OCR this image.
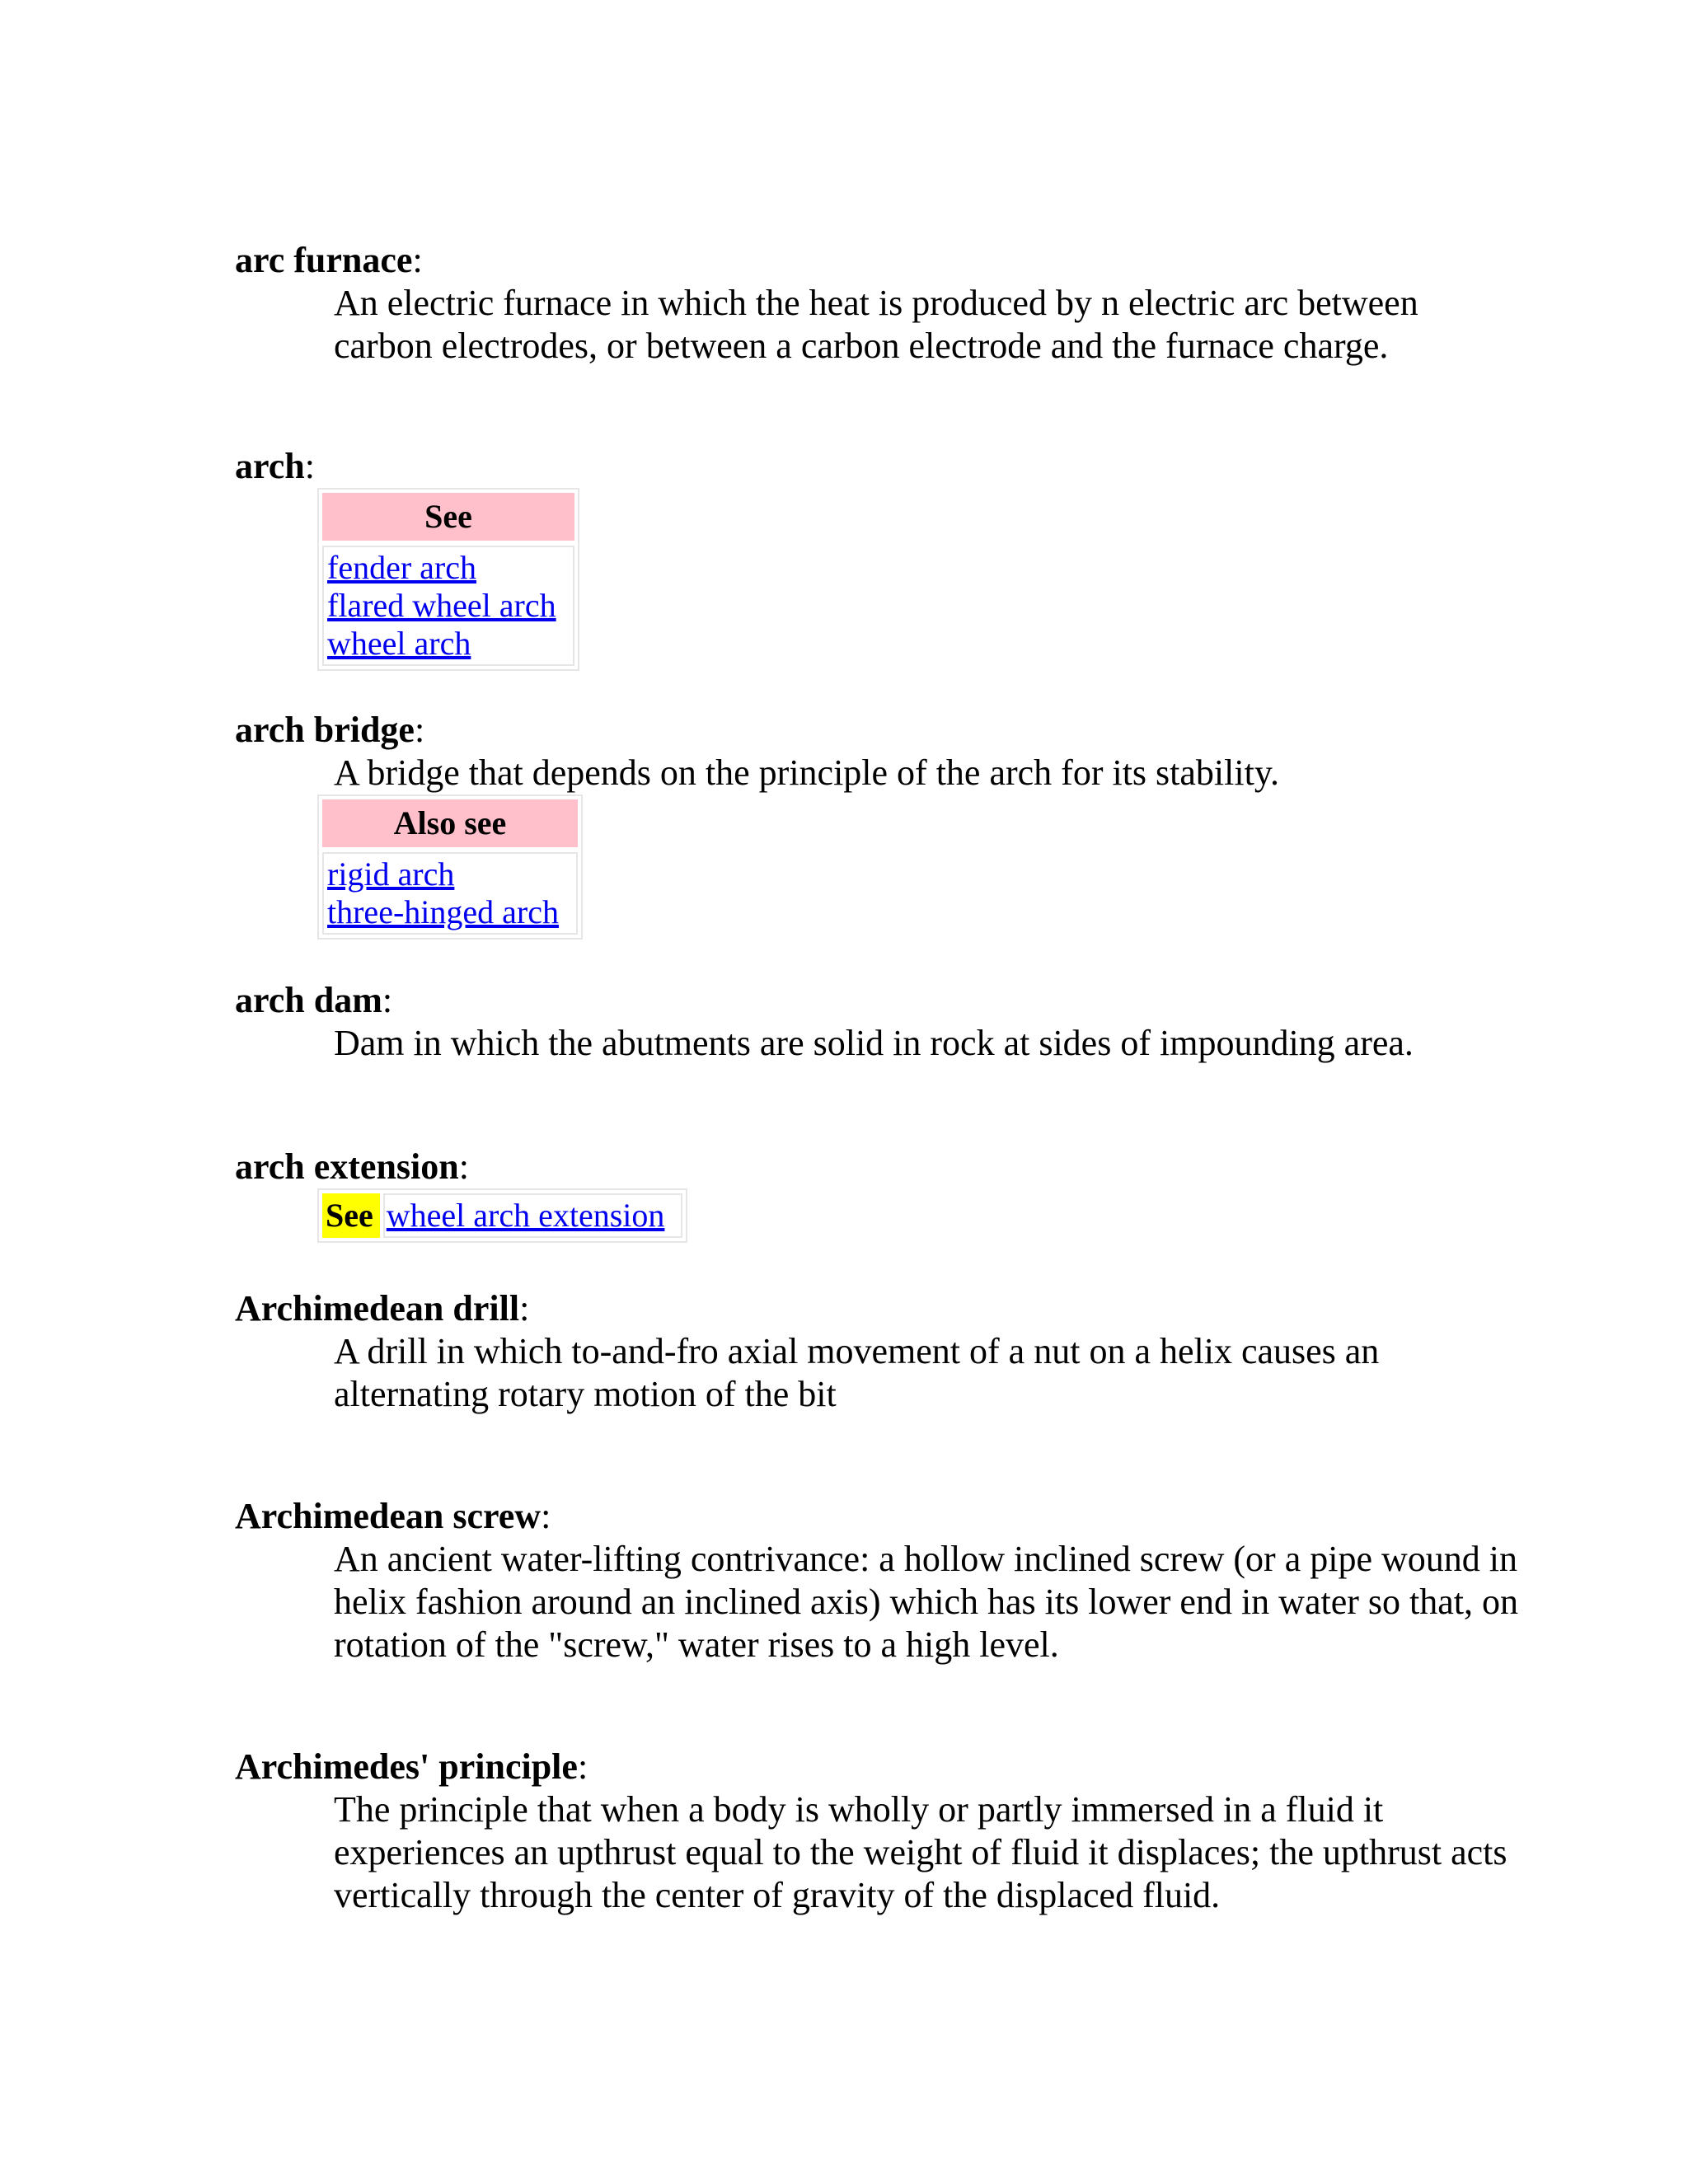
arc furnace:
An electric furnace in which the heat is produced by n electric arc between carbon electrodes, or between a carbon electrode and the furnace charge.
arch:
See
fender arch
flared wheel arch
wheel arch
arch bridge:
A bridge that depends on the principle of the arch for its stability.
Also see
rigid arch
three-hinged arch
arch dam:
Dam in which the abutments are solid in rock at sides of impounding area.
arch extension:
See wheel arch extension
Archimedean drill:
A drill in which to-and-fro axial movement of a nut on a helix causes an alternating rotary motion of the bit
Archimedean screw:
An ancient water-lifting contrivance: a hollow inclined screw (or a pipe wound in helix fashion around an inclined axis) which has its lower end in water so that, on rotation of the "screw," water rises to a high level.
Archimedes' principle:
The principle that when a body is wholly or partly immersed in a fluid it experiences an upthrust equal to the weight of fluid it displaces; the upthrust acts vertically through the center of gravity of the displaced fluid.
